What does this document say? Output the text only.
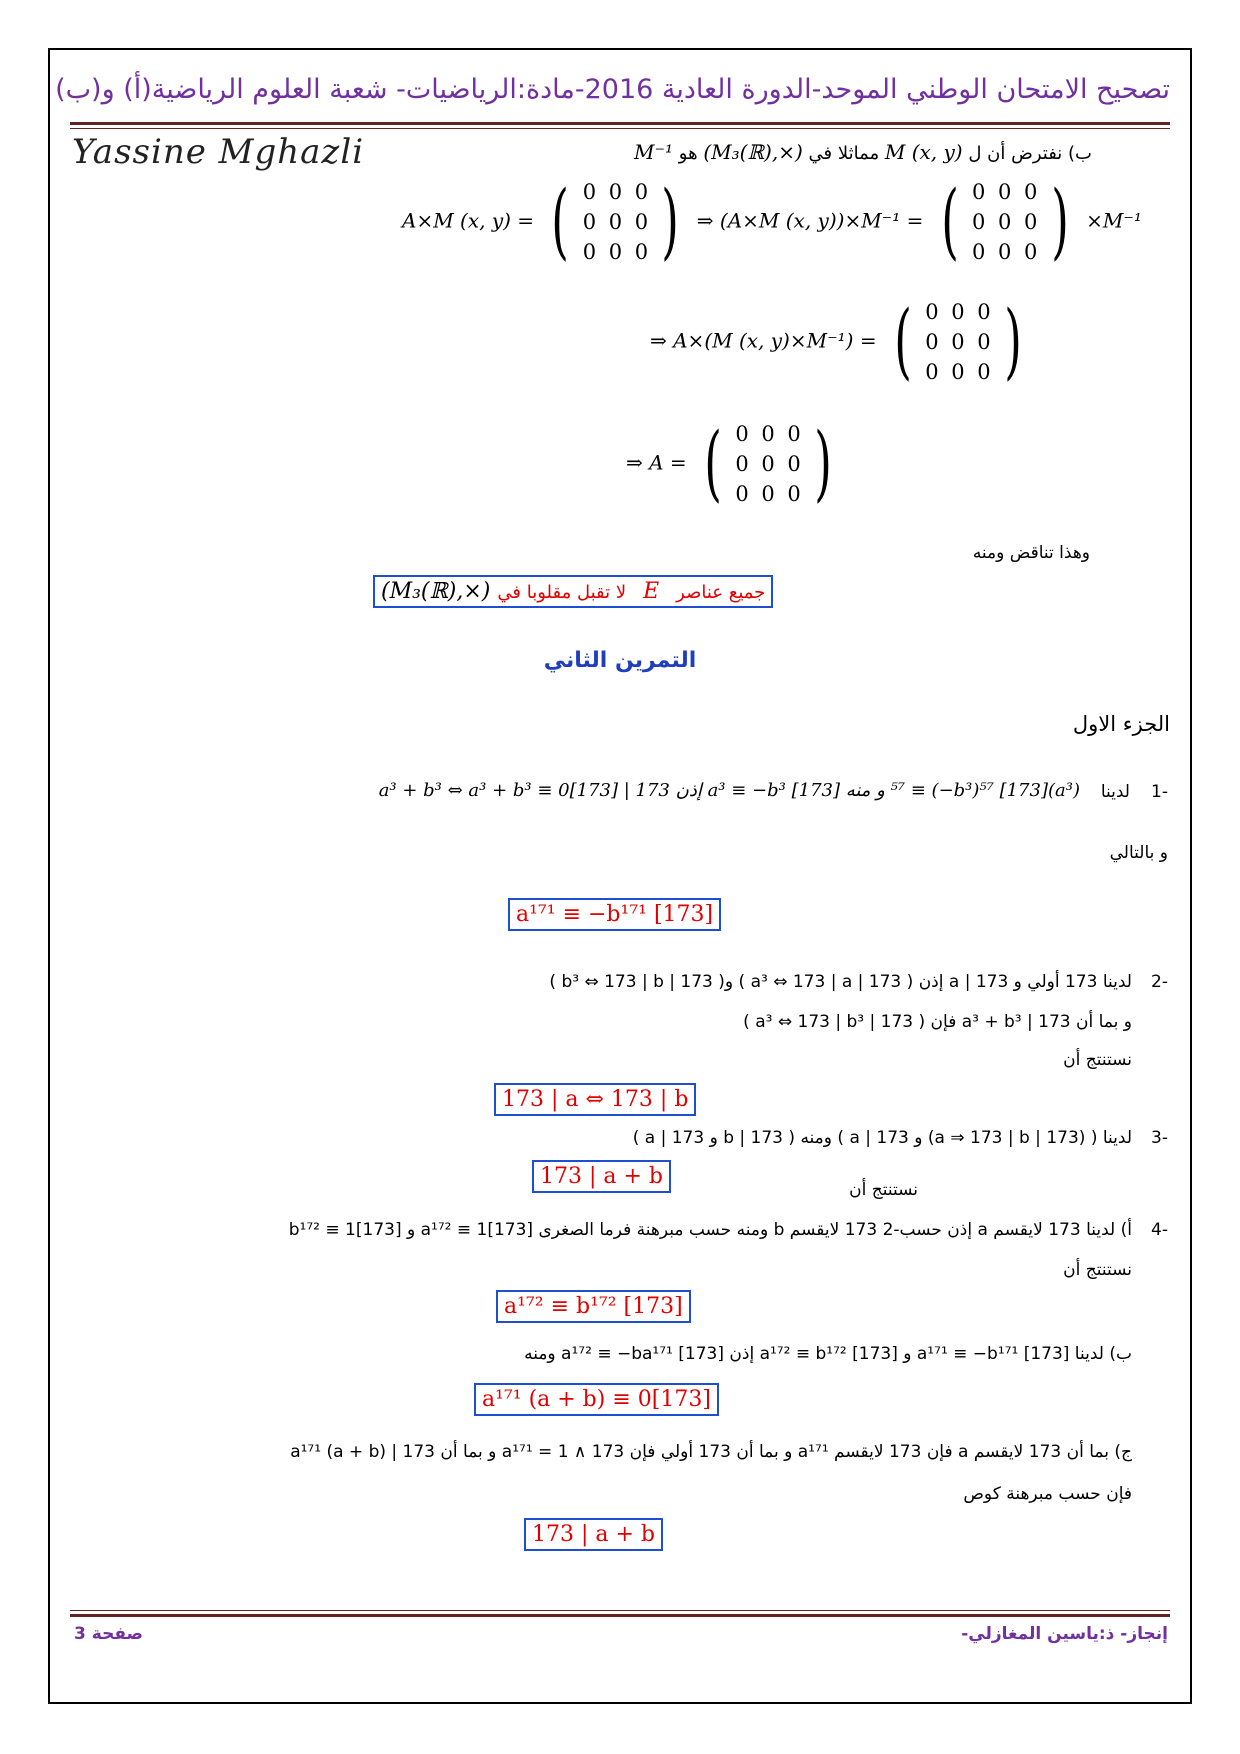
تصحيح الامتحان الوطني الموحد-الدورة العادية 2016-مادة:الرياضيات- شعبة العلوم الرياضية(أ) و(ب)
Yassine Mghazli	ب) نفترض أن ل M (x, y) مماثلا في (M₃(ℝ),×) هو M⁻¹
A×M (x, y) = ( 0 0 0
0 0 0
0 0 0 ) ⇒ (A×M (x, y))×M⁻¹ = ( 0 0 0
0 0 0
0 0 0 ) ×M⁻¹
⇒ A×(M (x, y)×M⁻¹) = ( 0 0 0
0 0 0
0 0 0 )
⇒ A = ( 0 0 0
0 0 0
0 0 0 )
وهذا تناقض ومنه
جميع عناصر E لا تقبل مقلوبا في (M₃(ℝ),×)
التمرين الثاني
الجزء الاول
-1
لدينا
(a³)⁵⁷ ≡ (−b³)⁵⁷ [173] و منه a³ ≡ −b³ [173] إذن 173 | a³ + b³ ⇔ a³ + b³ ≡ 0[173]
و بالتالي
a¹⁷¹ ≡ −b¹⁷¹ [173]
-2
لدينا 173 أولي و a | 173 إذن ( 173 | a³ ⇔ 173 | a ) و( 173 | b³ ⇔ 173 | b )
و بما أن 173 | a³ + b³ فإن ( 173 | a³ ⇔ 173 | b³ )
نستنتج أن
173 | a ⇔ 173 | b
-3
لدينا ( (173 | a ⇒ 173 | b) و 173 | a ) ومنه ( 173 | b و 173 | a )
نستنتج أن
173 | a + b
-4
أ) لدينا 173 لايقسم a إذن حسب-2 173 لايقسم b ومنه حسب مبرهنة فرما الصغرى a¹⁷² ≡ 1[173] و b¹⁷² ≡ 1[173]
نستنتج أن
a¹⁷² ≡ b¹⁷² [173]
ب) لدينا a¹⁷¹ ≡ −b¹⁷¹ [173] و a¹⁷² ≡ b¹⁷² [173] إذن a¹⁷² ≡ −ba¹⁷¹ [173] ومنه
a¹⁷¹ (a + b) ≡ 0[173]
ج) بما أن 173 لايقسم a فإن 173 لايقسم a¹⁷¹ و بما أن 173 أولي فإن 173 ∧ a¹⁷¹ = 1 و بما أن 173 | a¹⁷¹ (a + b)
فإن حسب مبرهنة كوص
173 | a + b
إنجاز- ذ:ياسين المغازلي-
صفحة 3
